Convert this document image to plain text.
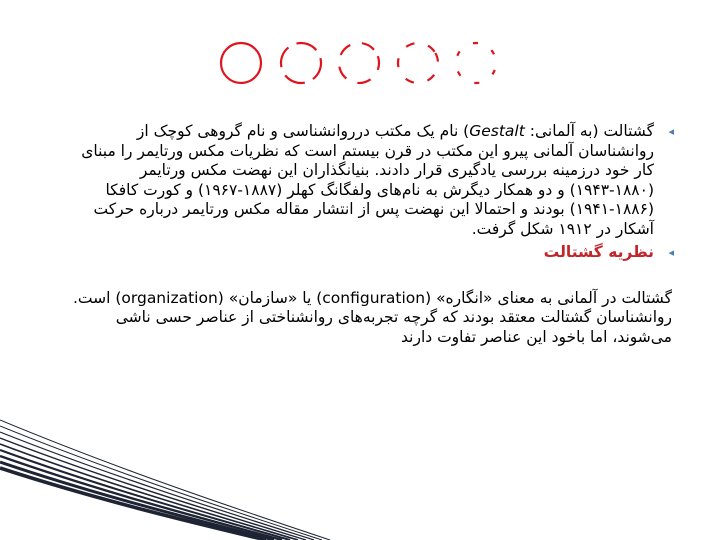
◂
گشتالت (به آلمانی: Gestalt) نام یک مکتب درروانشناسی و نام گروهی کوچک از روانشناسان آلمانی پیرو این مکتب در قرن بیستم است که نظریات مکس ورتایمر را مبنای کار خود درزمینه بررسی یادگیری قرار دادند. بنیانگذاران این نهضت مکس ورتایمر (۱۸۸۰-۱۹۴۳) و دو همکار دیگرش به نام‌های ولفگانگ کهلر (۱۸۸۷-۱۹۶۷) و کورت کافکا (۱۸۸۶-۱۹۴۱) بودند و احتمالا این نهضت پس از انتشار مقاله مکس ورتایمر درباره حرکت آشکار در ۱۹۱۲ شکل گرفت.

◂
نظریه گشتالت

گشتالت در آلمانی به معنای «انگاره» (configuration) یا «سازمان» (organization) است. روانشناسان گشتالت معتقد بودند که گرچه تجربه‌های روانشناختی از عناصر حسی ناشی می‌شوند، اما باخود این عناصر تفاوت دارند
